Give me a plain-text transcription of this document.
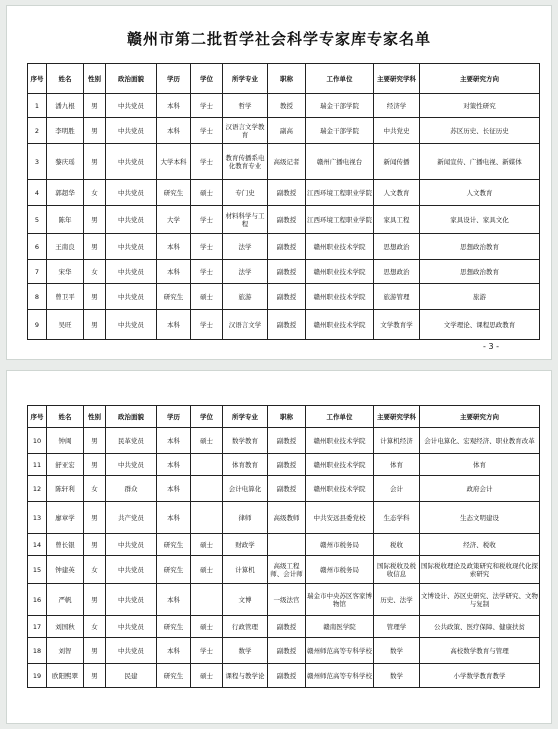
赣州市第二批哲学社会科学专家库专家名单
序号	姓名	性别	政治面貌	学历	学位	所学专业	职称	工作单位	主要研究学科	主要研究方向
1	潘九根	男	中共党员	本科	学士	哲学	教授	瑞金干部学院	经济学	对策性研究
2	李明胜	男	中共党员	本科	学士	汉语言文学教育	副高	瑞金干部学院	中共党史	苏区历史、长征历史
3	黎庆瑶	男	中共党员	大学本科	学士	教育传播系电化教育专业	高级记者	赣州广播电视台	新闻传播	新闻宣传、广播电视、新媒体
4	郭超华	女	中共党员	研究生	硕士	专门史	副教授	江西环境工程职业学院	人文教育	人文教育
5	陈年	男	中共党员	大学	学士	材料科学与工程	副教授	江西环境工程职业学院	家具工程	家具设计、家具文化
6	王南良	男	中共党员	本科	学士	法学	副教授	赣州职业技术学院	思想政治	思想政治教育
7	宋华	女	中共党员	本科	学士	法学	副教授	赣州职业技术学院	思想政治	思想政治教育
8	曾卫平	男	中共党员	研究生	硕士	旅游	副教授	赣州职业技术学院	旅游管理	旅游
9	吴旺	男	中共党员	本科	学士	汉语言文学	副教授	赣州职业技术学院	文学教育学	文学理论、课程思政教育
- 3 -
序号	姓名	性别	政治面貌	学历	学位	所学专业	职称	工作单位	主要研究学科	主要研究方向
10	钟闽	男	民革党员	本科	硕士	数学教育	副教授	赣州职业技术学院	计算机经济	会计电算化、宏观经济、职业教育改革
11	舒亚宏	男	中共党员	本科		体育教育	副教授	赣州职业技术学院	体育	体育
12	陈轩利	女	群众	本科		会计电算化	副教授	赣州职业技术学院	会计	政府会计
13	廖章学	男	共产党员	本科		律师	高级教师	中共安远县委党校	生态学科	生态文明建设
14	曾长银	男	中共党员	研究生	硕士	财政学		赣州市税务局	税收	经济、税收
15	钟建英	女	中共党员	研究生	硕士	计算机	高级工程师、会计师	赣州市税务局	国际税收及税收信息	国际税收理论及政策研究和税收现代化探索研究
16	严帆	男	中共党员	本科		文博	一级法官	瑞金市中央苏区客家博物馆	历史、法学	文博设计、苏区史研究、法学研究、文物与复制
17	刘国秋	女	中共党员	研究生	硕士	行政管理	副教授	赣南医学院	管理学	公共政策、医疗保障、健康扶贫
18	刘智	男	中共党员	本科	学士	数学	副教授	赣州师范高等专科学校	数学	高校数学教育与管理
19	欧阳熙翠	男	民建	研究生	硕士	课程与教学论	副教授	赣州师范高等专科学校	数学	小学数学教育教学
